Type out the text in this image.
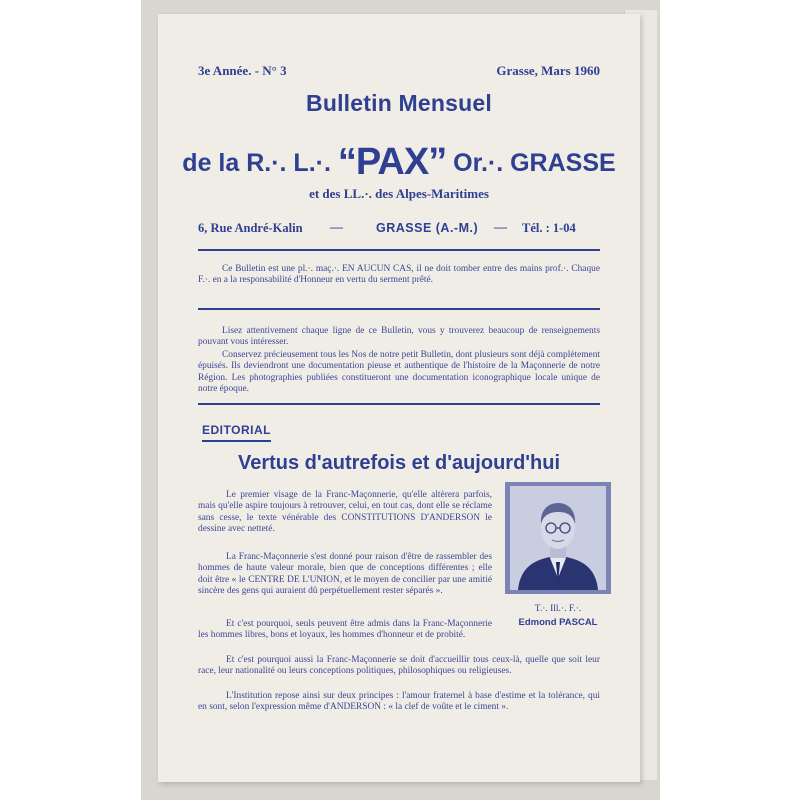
3e Année. - N° 3	Grasse, Mars 1960
Bulletin Mensuel
de la R.·. L.·. “PAX” Or.·. GRASSE
et des LL.·. des Alpes-Maritimes
6, Rue André-Kalin —	GRASSE (A.-M.) — Tél. : 1-04
Ce Bulletin est une pl.·. maç.·. EN AUCUN CAS, il ne doit tomber entre des mains prof.·. Chaque F.·. en a la responsabilité d'Honneur en vertu du serment prêté.
Lisez attentivement chaque ligne de ce Bulletin, vous y trouverez beaucoup de renseignements pouvant vous intéresser.
Conservez précieusement tous les Nos de notre petit Bulletin, dont plusieurs sont déjà complètement épuisés. Ils deviendront une documentation pieuse et authentique de l'histoire de la Maçonnerie de notre Région. Les photographies publiées constitueront une documentation iconographique locale unique de notre époque.
EDITORIAL
Vertus d'autrefois et d'aujourd'hui
Le premier visage de la Franc-Maçonnerie, qu'elle altèrera parfois, mais qu'elle aspire toujours à retrouver, celui, en tout cas, dont elle se réclame sans cesse, le texte vénérable des CONSTITUTIONS D'ANDERSON le dessine avec netteté.
La Franc-Maçonnerie s'est donné pour raison d'être de rassembler des hommes de haute valeur morale, bien que de conceptions différentes ; elle doit être « le CENTRE DE L'UNION, et le moyen de concilier par une amitié sincère des gens qui auraient dû perpétuellement rester séparés ».
Et c'est pourquoi, seuls peuvent être admis dans la Franc-Maçonnerie les hommes libres, bons et loyaux, les hommes d'honneur et de probité.
Et c'est pourquoi aussi la Franc-Maçonnerie se doit d'accueillir tous ceux-là, quelle que soit leur race, leur nationalité ou leurs conceptions politiques, philosophiques ou religieuses.
L'Institution repose ainsi sur deux principes : l'amour fraternel à base d'estime et la tolérance, qui en sont, selon l'expression même d'ANDERSON : « la clef de voûte et le ciment ».
T.·. Ill.·. F.·.
Edmond PASCAL
